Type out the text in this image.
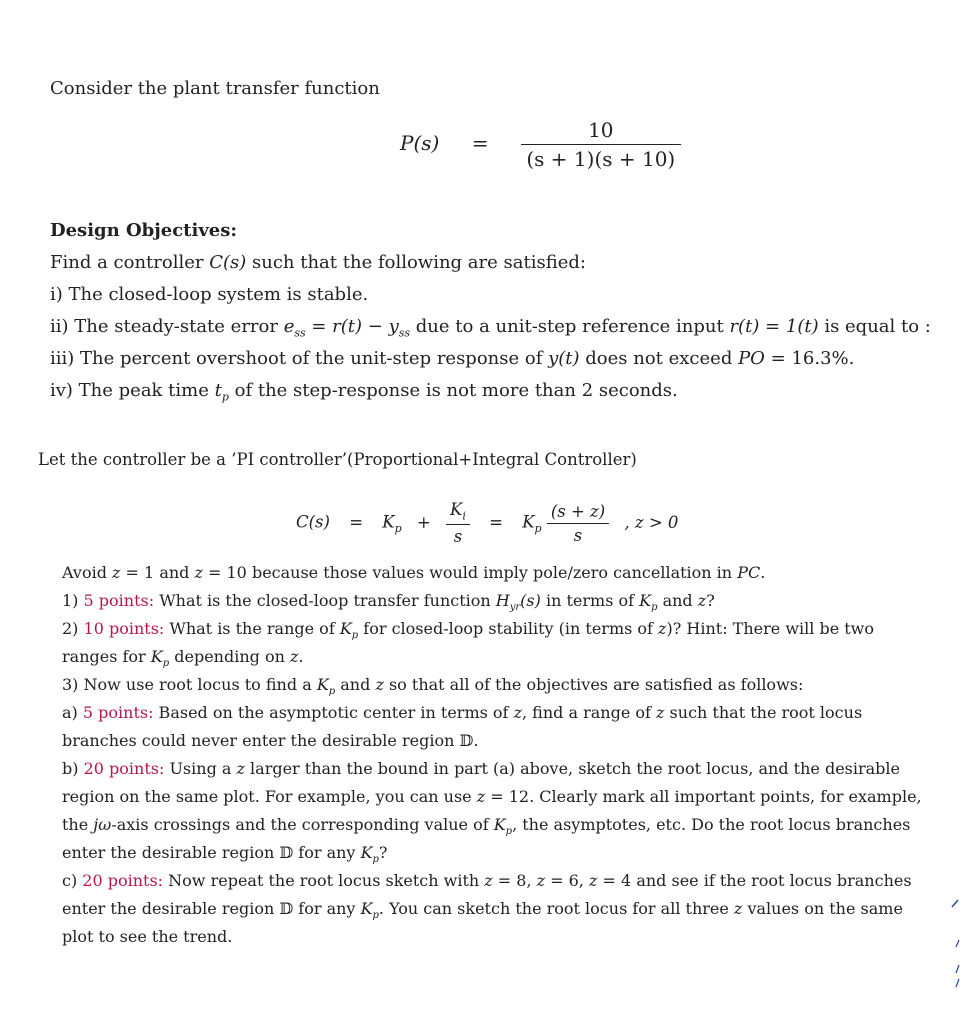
Consider the plant transfer function
$P(s) = \frac{10}{(s + 1)(s + 10)}$
Design Objectives:
Find a controller C(s) such that the following are satisfied:
i) The closed-loop system is stable.
ii) The steady-state error $e_{ss} = r(t) - y_{ss}$ due to a unit-step reference input r(t) = 1(t) is equal to :
iii) The percent overshoot of the unit-step response of y(t) does not exceed PO = 16.3%.
iv) The peak time $t_p$ of the step-response is not more than 2 seconds.
Let the controller be a ’PI controller’(Proportional+Integral Controller)
$C(s) = K_p + \frac{K_i}{s} = K_p \frac{(s + z)}{s}$ , z > 0
Avoid z = 1 and z = 10 because those values would imply pole/zero cancellation in PC.
1) 5 points: What is the closed-loop transfer function $H_{yr}(s)$ in terms of $K_p$ and z?
2) 10 points: What is the range of $K_p$ for closed-loop stability (in terms of z)? Hint: There will be two
ranges for $K_p$ depending on z.
3) Now use root locus to find a $K_p$ and z so that all of the objectives are satisfied as follows:
a) 5 points: Based on the asymptotic center in terms of z, find a range of z such that the root locus
branches could never enter the desirable region 𝔻.
b) 20 points: Using a z larger than the bound in part (a) above, sketch the root locus, and the desirable
region on the same plot. For example, you can use z = 12. Clearly mark all important points, for example,
the jω-axis crossings and the corresponding value of $K_p$, the asymptotes, etc. Do the root locus branches
enter the desirable region 𝔻 for any $K_p$?
c) 20 points: Now repeat the root locus sketch with z = 8, z = 6, z = 4 and see if the root locus branches
enter the desirable region 𝔻 for any $K_p$. You can sketch the root locus for all three z values on the same
plot to see the trend.
